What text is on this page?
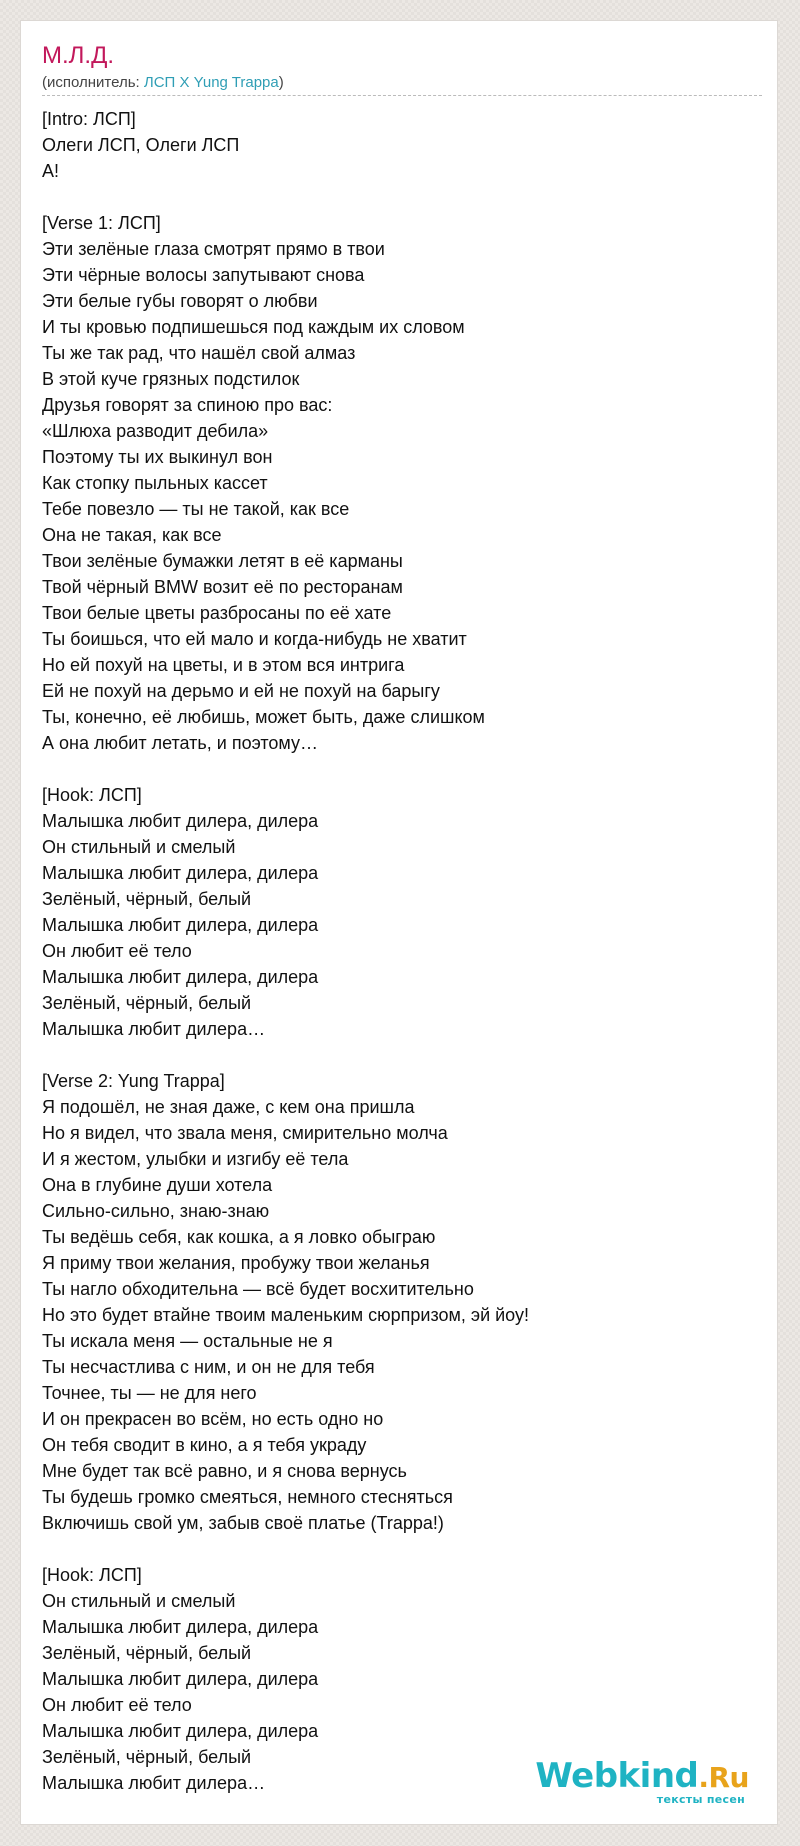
М.Л.Д.
(исполнитель: ЛСП Х Yung Trappa)
[Intro: ЛСП]
Олеги ЛСП, Олеги ЛСП
А!
[Verse 1: ЛСП]
Эти зелёные глаза смотрят прямо в твои
Эти чёрные волосы запутывают снова
Эти белые губы говорят о любви
И ты кровью подпишешься под каждым их словом
Ты же так рад, что нашёл свой алмаз
В этой куче грязных подстилок
Друзья говорят за спиною про вас:
«Шлюха разводит дебила»
Поэтому ты их выкинул вон
Как стопку пыльных кассет
Тебе повезло — ты не такой, как все
Она не такая, как все
Твои зелёные бумажки летят в её карманы
Твой чёрный BMW возит её по ресторанам
Твои белые цветы разбросаны по её хате
Ты боишься, что ей мало и когда-нибудь не хватит
Но ей похуй на цветы, и в этом вся интрига
Ей не похуй на дерьмо и ей не похуй на барыгу
Ты, конечно, её любишь, может быть, даже слишком
А она любит летать, и поэтому…
[Hook: ЛСП]
Малышка любит дилера, дилера
Он стильный и смелый
Малышка любит дилера, дилера
Зелёный, чёрный, белый
Малышка любит дилера, дилера
Он любит её тело
Малышка любит дилера, дилера
Зелёный, чёрный, белый
Малышка любит дилера…
[Verse 2: Yung Trappa]
Я подошёл, не зная даже, с кем она пришла
Но я видел, что звала меня, смирительно молча
И я жестом, улыбки и изгибу её тела
Она в глубине души хотела
Сильно-сильно, знаю-знаю
Ты ведёшь себя, как кошка, а я ловко обыграю
Я приму твои желания, пробужу твои желанья
Ты нагло обходительна — всё будет восхитительно
Но это будет втайне твоим маленьким сюрпризом, эй йоу!
Ты искала меня — остальные не я
Ты несчастлива с ним, и он не для тебя
Точнее, ты — не для него
И он прекрасен во всём, но есть одно но
Он тебя сводит в кино, а я тебя украду
Мне будет так всё равно, и я снова вернусь
Ты будешь громко смеяться, немного стесняться
Включишь свой ум, забыв своё платье (Trappa!)
[Hook: ЛСП]
Он стильный и смелый
Малышка любит дилера, дилера
Зелёный, чёрный, белый
Малышка любит дилера, дилера
Он любит её тело
Малышка любит дилера, дилера
Зелёный, чёрный, белый
Малышка любит дилера…	Webkind.Ru
тексты песен
